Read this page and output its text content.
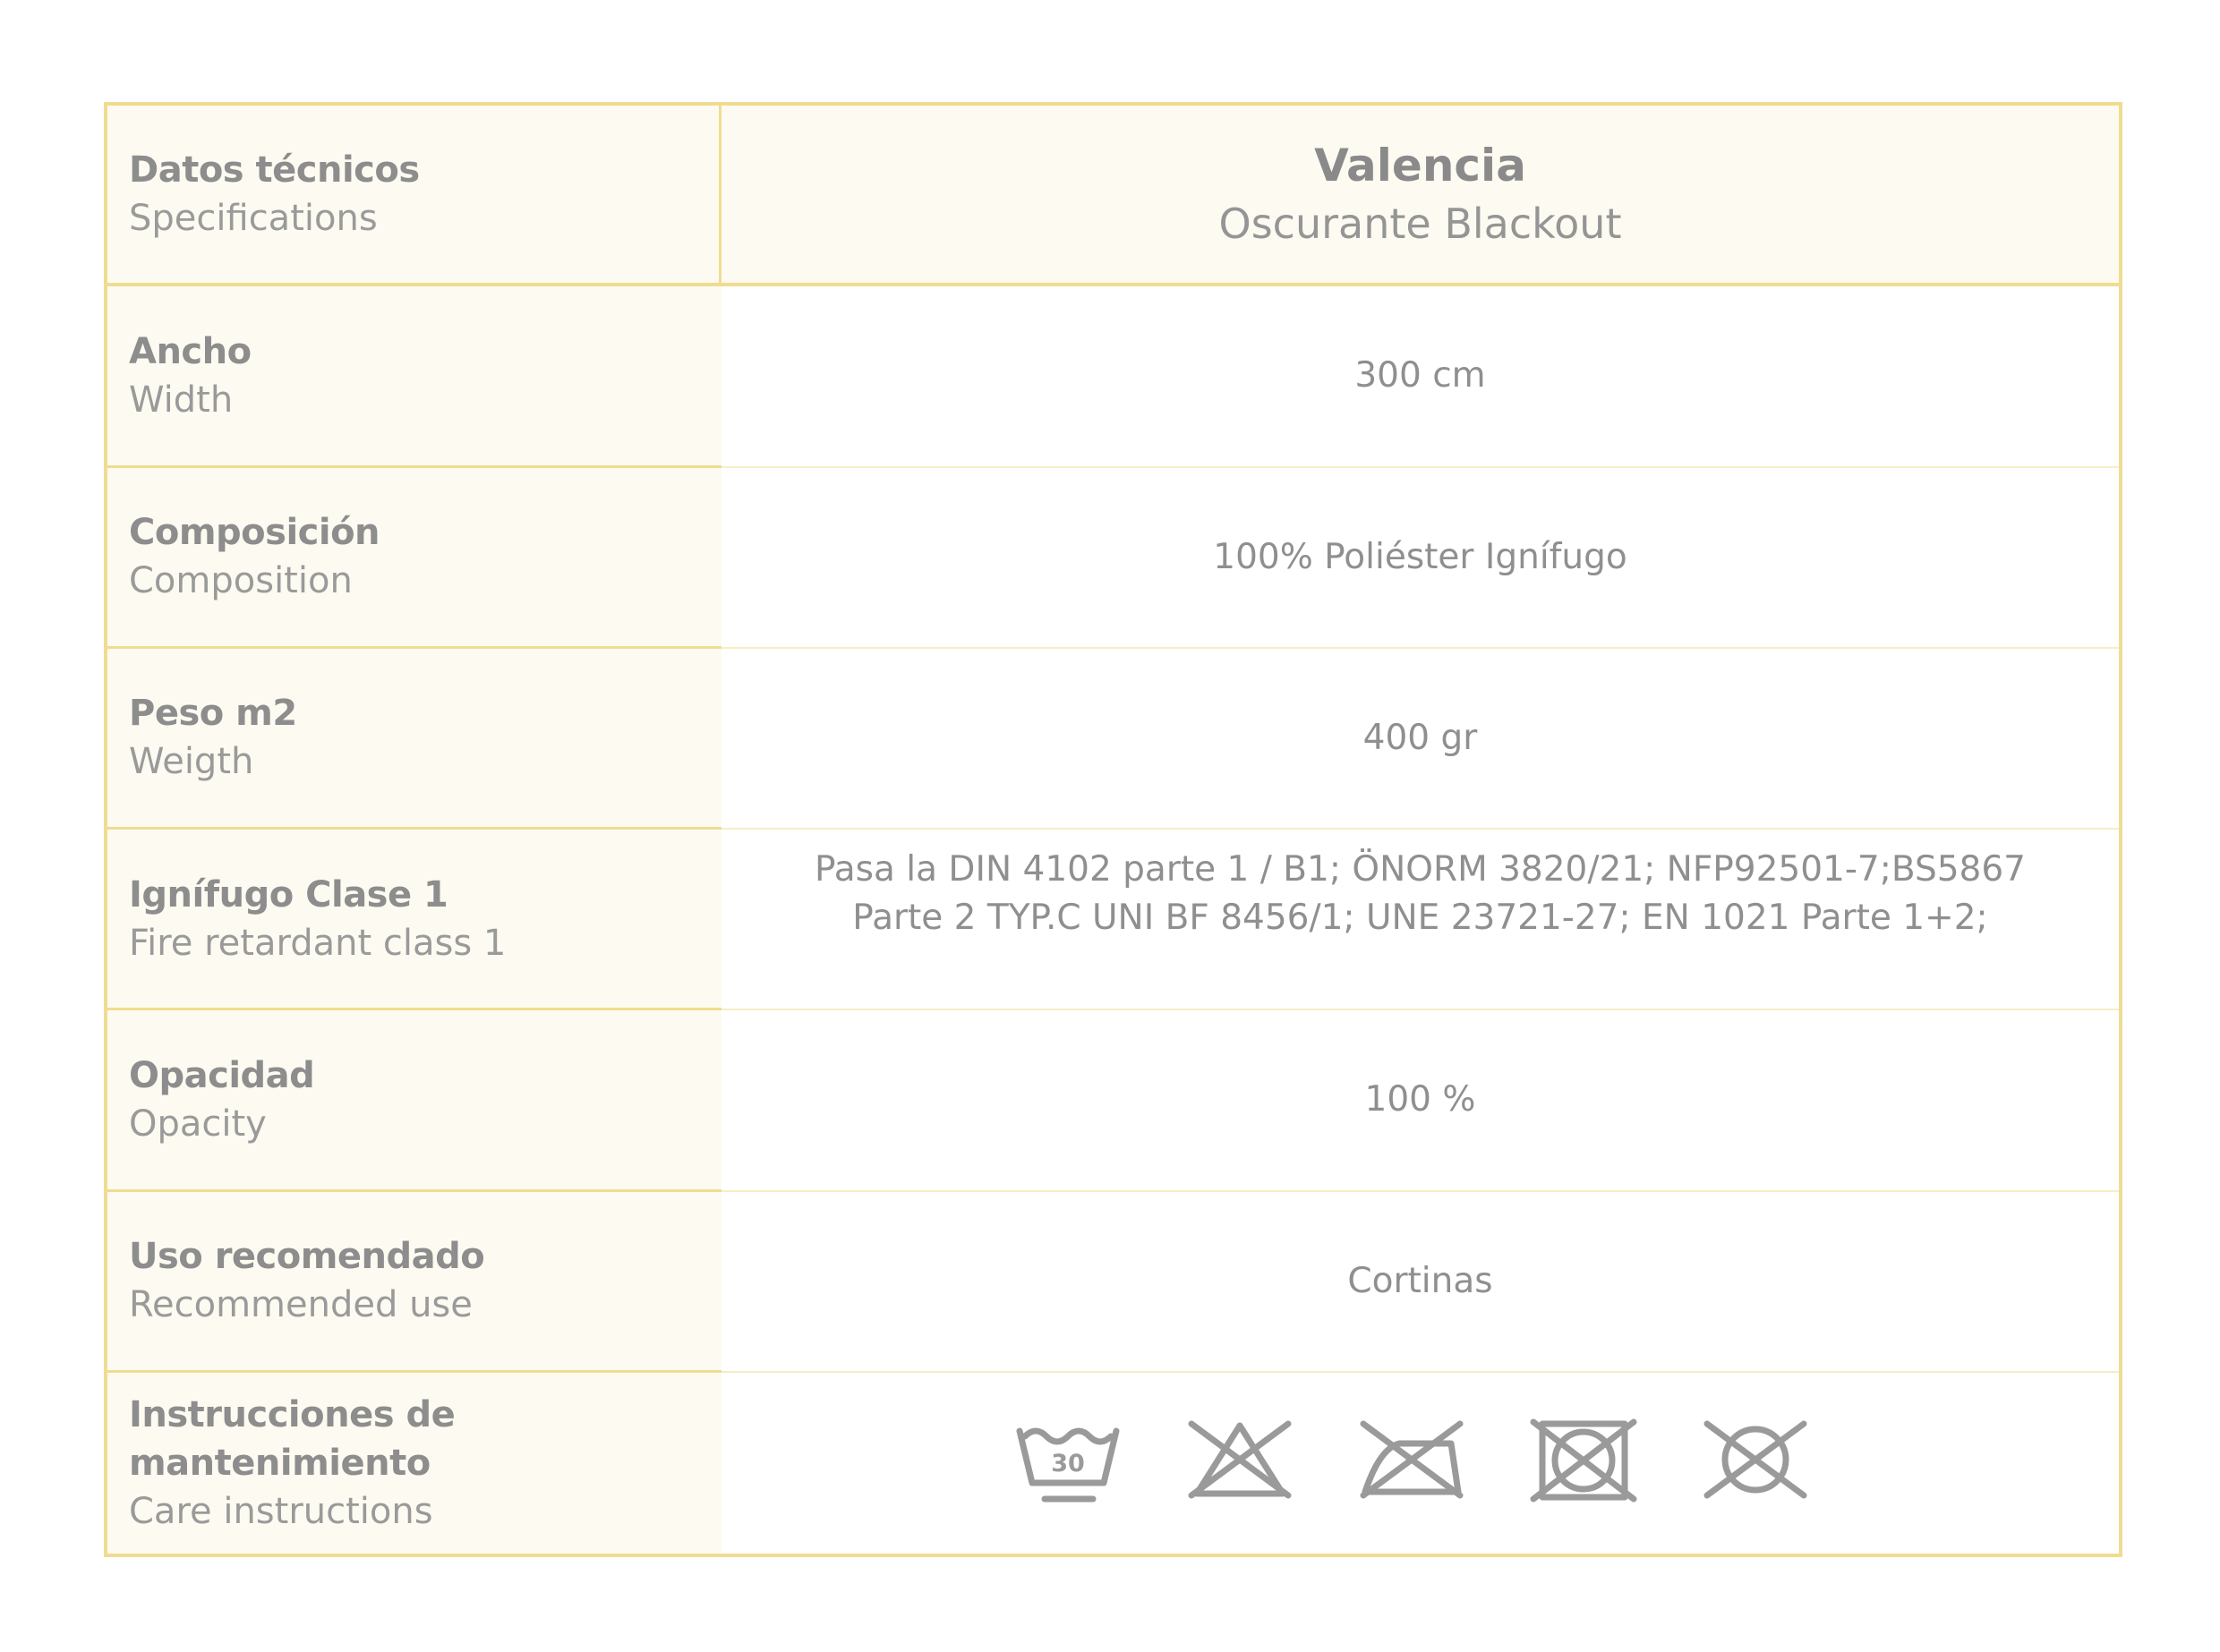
Datos técnicos
Specifications
Valencia
Oscurante Blackout
Ancho
Width
300 cm
Composición
Composition
100% Poliéster Ignífugo
Peso m2
Weigth
400 gr
Ignífugo Clase 1
Fire retardant class 1
Pasa la DIN 4102 parte 1 / B1; ÖNORM 3820/21; NFP92501-7;BS5867
Parte 2 TYP.C UNI BF 8456/1; UNE 23721-27; EN 1021 Parte 1+2;
Opacidad
Opacity
100 %
Uso recomendado
Recommended use
Cortinas
Instrucciones de mantenimiento
Care instructions
30
